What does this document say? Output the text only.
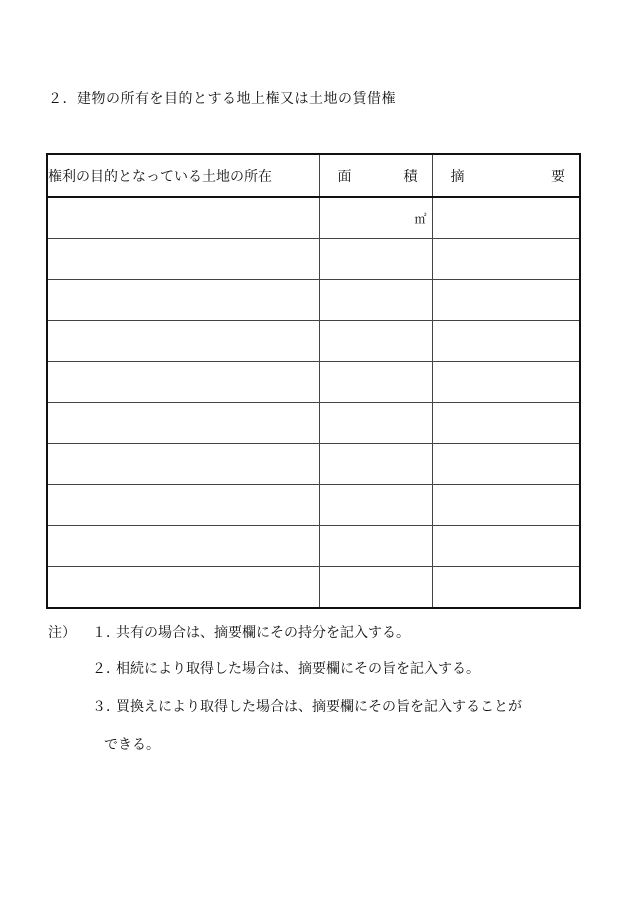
２．建物の所有を目的とする地上権又は土地の賃借権
権利の目的となっている土地の所在	面 積	摘 要

	㎡	

注） １．
共有の場合は、摘要欄にその持分を記入する。
２．
相続により取得した場合は、摘要欄にその旨を記入する。
３．
買換えにより取得した場合は、摘要欄にその旨を記入することが
できる。
